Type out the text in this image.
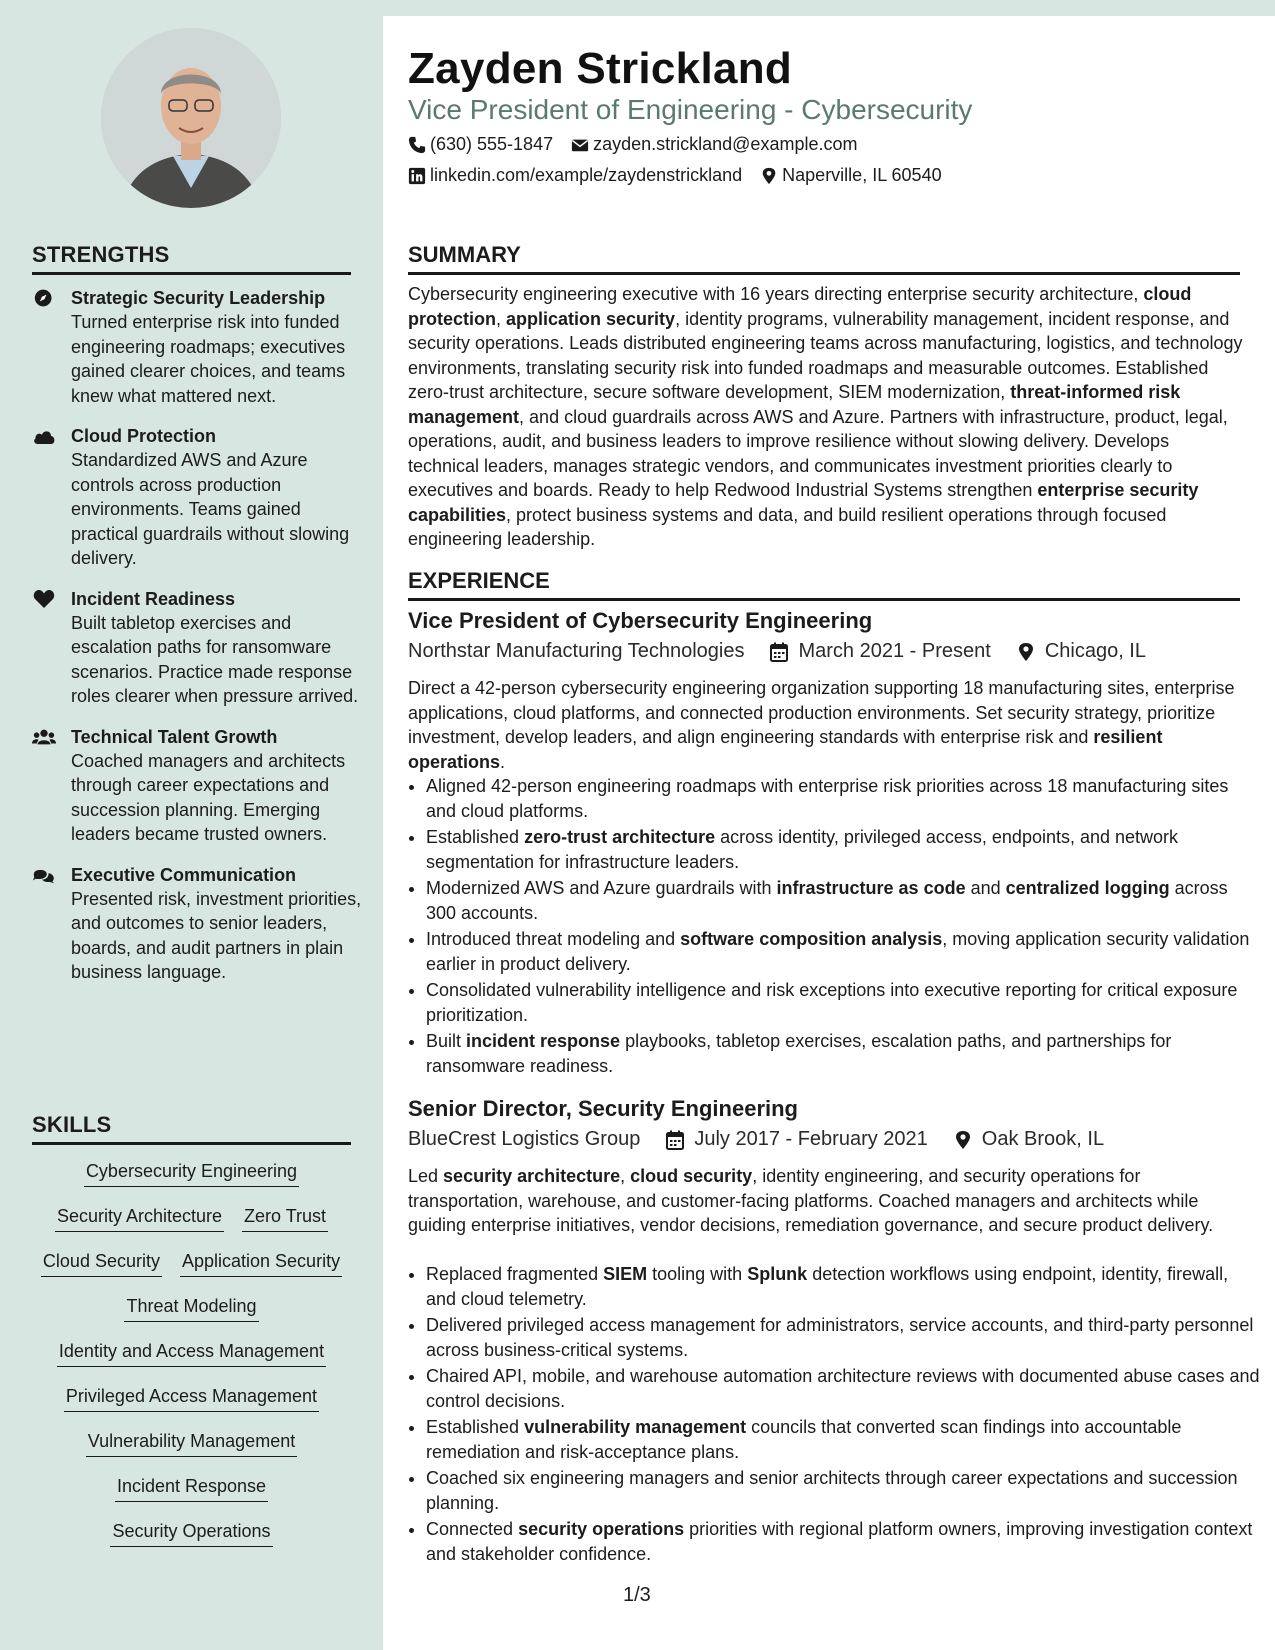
STRENGTHS
Strategic Security Leadership
Turned enterprise risk into funded engineering roadmaps; executives gained clearer choices, and teams knew what mattered next.
Cloud Protection
Standardized AWS and Azure controls across production environments. Teams gained practical guardrails without slowing delivery.
Incident Readiness
Built tabletop exercises and escalation paths for ransomware scenarios. Practice made response roles clearer when pressure arrived.
Technical Talent Growth
Coached managers and architects through career expectations and succession planning. Emerging leaders became trusted owners.
Executive Communication
Presented risk, investment priorities, and outcomes to senior leaders, boards, and audit partners in plain business language.
SKILLS
Cybersecurity Engineering
Security Architecture Zero Trust
Cloud Security Application Security
Threat Modeling
Identity and Access Management
Privileged Access Management
Vulnerability Management
Incident Response
Security Operations
Zayden Strickland
Vice President of Engineering - Cybersecurity
(630) 555-1847 zayden.strickland@example.com
linkedin.com/example/zaydenstrickland Naperville, IL 60540
SUMMARY
Cybersecurity engineering executive with 16 years directing enterprise security architecture, cloud protection, application security, identity programs, vulnerability management, incident response, and security operations. Leads distributed engineering teams across manufacturing, logistics, and technology environments, translating security risk into funded roadmaps and measurable outcomes. Established zero-trust architecture, secure software development, SIEM modernization, threat-informed risk management, and cloud guardrails across AWS and Azure. Partners with infrastructure, product, legal, operations, audit, and business leaders to improve resilience without slowing delivery. Develops technical leaders, manages strategic vendors, and communicates investment priorities clearly to executives and boards. Ready to help Redwood Industrial Systems strengthen enterprise security capabilities, protect business systems and data, and build resilient operations through focused engineering leadership.
EXPERIENCE
Vice President of Cybersecurity Engineering
Northstar Manufacturing Technologies	March 2021 - Present	Chicago, IL
Direct a 42-person cybersecurity engineering organization supporting 18 manufacturing sites, enterprise applications, cloud platforms, and connected production environments. Set security strategy, prioritize investment, develop leaders, and align engineering standards with enterprise risk and resilient operations.
• Aligned 42-person engineering roadmaps with enterprise risk priorities across 18 manufacturing sites and cloud platforms.
• Established zero-trust architecture across identity, privileged access, endpoints, and network segmentation for infrastructure leaders.
• Modernized AWS and Azure guardrails with infrastructure as code and centralized logging across 300 accounts.
• Introduced threat modeling and software composition analysis, moving application security validation earlier in product delivery.
• Consolidated vulnerability intelligence and risk exceptions into executive reporting for critical exposure prioritization.
• Built incident response playbooks, tabletop exercises, escalation paths, and partnerships for ransomware readiness.
Senior Director, Security Engineering
BlueCrest Logistics Group	July 2017 - February 2021	Oak Brook, IL
Led security architecture, cloud security, identity engineering, and security operations for transportation, warehouse, and customer-facing platforms. Coached managers and architects while guiding enterprise initiatives, vendor decisions, remediation governance, and secure product delivery.
• Replaced fragmented SIEM tooling with Splunk detection workflows using endpoint, identity, firewall, and cloud telemetry.
• Delivered privileged access management for administrators, service accounts, and third-party personnel across business-critical systems.
• Chaired API, mobile, and warehouse automation architecture reviews with documented abuse cases and control decisions.
• Established vulnerability management councils that converted scan findings into accountable remediation and risk-acceptance plans.
• Coached six engineering managers and senior architects through career expectations and succession planning.
• Connected security operations priorities with regional platform owners, improving investigation context and stakeholder confidence.
1/3
